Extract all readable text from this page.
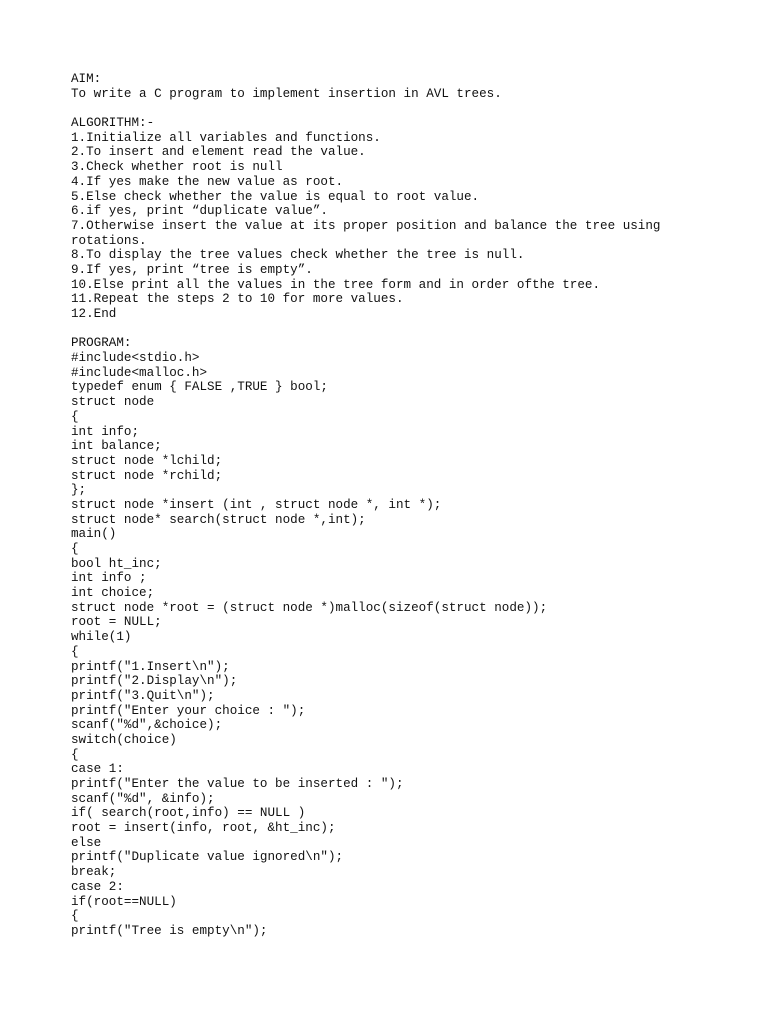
AIM:
To write a C program to implement insertion in AVL trees.
ALGORITHM:-
1.Initialize all variables and functions.
2.To insert and element read the value.
3.Check whether root is null
4.If yes make the new value as root.
5.Else check whether the value is equal to root value.
6.if yes, print “duplicate value”.
7.Otherwise insert the value at its proper position and balance the tree using
rotations.
8.To display the tree values check whether the tree is null.
9.If yes, print “tree is empty”.
10.Else print all the values in the tree form and in order ofthe tree.
11.Repeat the steps 2 to 10 for more values.
12.End
PROGRAM:
#include<stdio.h>
#include<malloc.h>
typedef enum { FALSE ,TRUE } bool;
struct node
{
int info;
int balance;
struct node *lchild;
struct node *rchild;
};
struct node *insert (int , struct node *, int *);
struct node* search(struct node *,int);
main()
{
bool ht_inc;
int info ;
int choice;
struct node *root = (struct node *)malloc(sizeof(struct node));
root = NULL;
while(1)
{
printf("1.Insert\n");
printf("2.Display\n");
printf("3.Quit\n");
printf("Enter your choice : ");
scanf("%d",&choice);
switch(choice)
{
case 1:
printf("Enter the value to be inserted : ");
scanf("%d", &info);
if( search(root,info) == NULL )
root = insert(info, root, &ht_inc);
else
printf("Duplicate value ignored\n");
break;
case 2:
if(root==NULL)
{
printf("Tree is empty\n");
